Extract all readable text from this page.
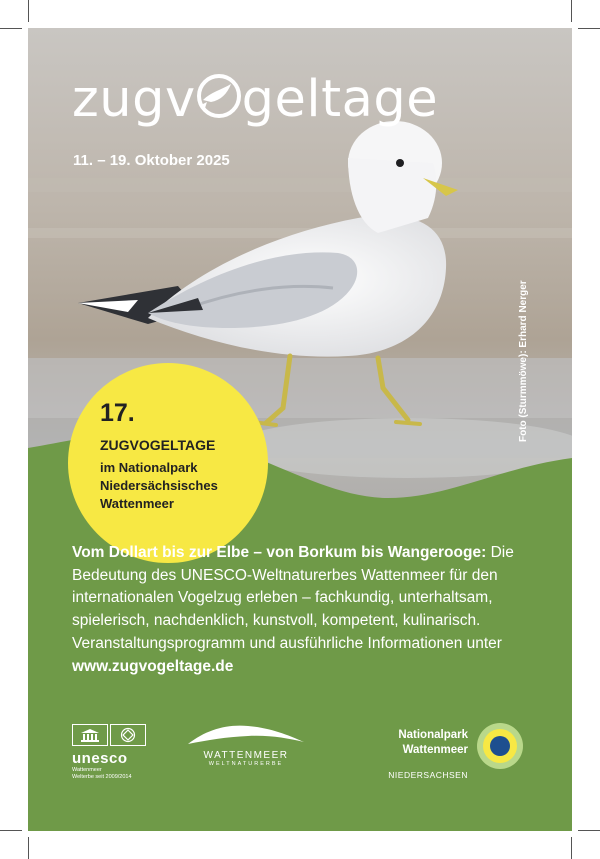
zugv geltage
11. – 19. Oktober 2025
Foto (Sturmmöwe): Erhard Nerger
17.
ZUGVOGELTAGE
im Nationalpark
Niedersächsisches
Wattenmeer
Vom Dollart bis zur Elbe – von Borkum bis Wangerooge: Die Bedeutung des UNESCO-Weltnaturerbes Wattenmeer für den internationalen Vogelzug erleben – fachkundig, unterhaltsam, spielerisch, nachdenklich, kunstvoll, kompetent, kulinarisch. Veranstaltungsprogramm und ausführliche Informationen unter www.zugvogeltage.de
unesco
Wattenmeer
Welterbe seit 2009/2014
WATTENMEER
WELTNATURERBE
Nationalpark
Wattenmeer
NIEDERSACHSEN
